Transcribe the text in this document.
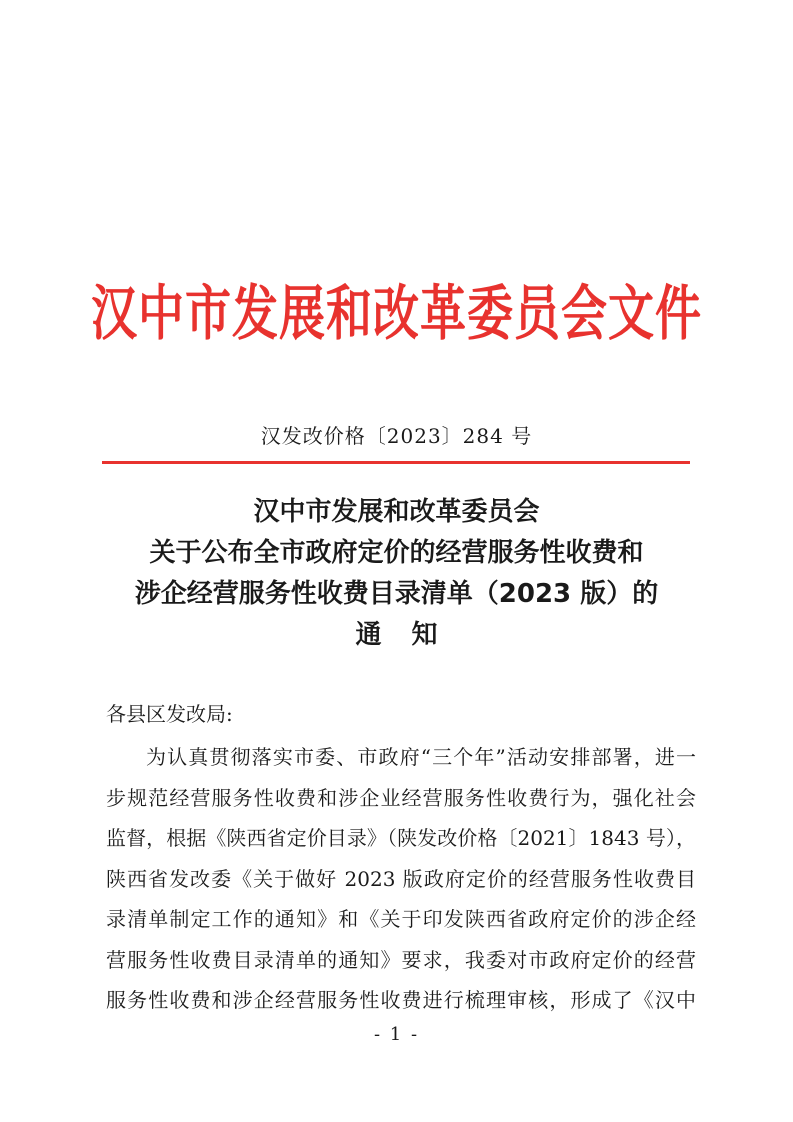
汉中市发展和改革委员会文件
汉发改价格〔2023〕284 号
汉中市发展和改革委员会
关于公布全市政府定价的经营服务性收费和
涉企经营服务性收费目录清单（2023 版）的
通知
各县区发改局:
为认真贯彻落实市委、市政府“三个年”活动安排部署，进一
步规范经营服务性收费和涉企业经营服务性收费行为，强化社会
监督，根据《陕西省定价目录》（陕发改价格〔2021〕1843 号），
陕西省发改委《关于做好 2023 版政府定价的经营服务性收费目
录清单制定工作的通知》和《关于印发陕西省政府定价的涉企经
营服务性收费目录清单的通知》要求，我委对市政府定价的经营
服务性收费和涉企经营服务性收费进行梳理审核，形成了《汉中
- 1 -
